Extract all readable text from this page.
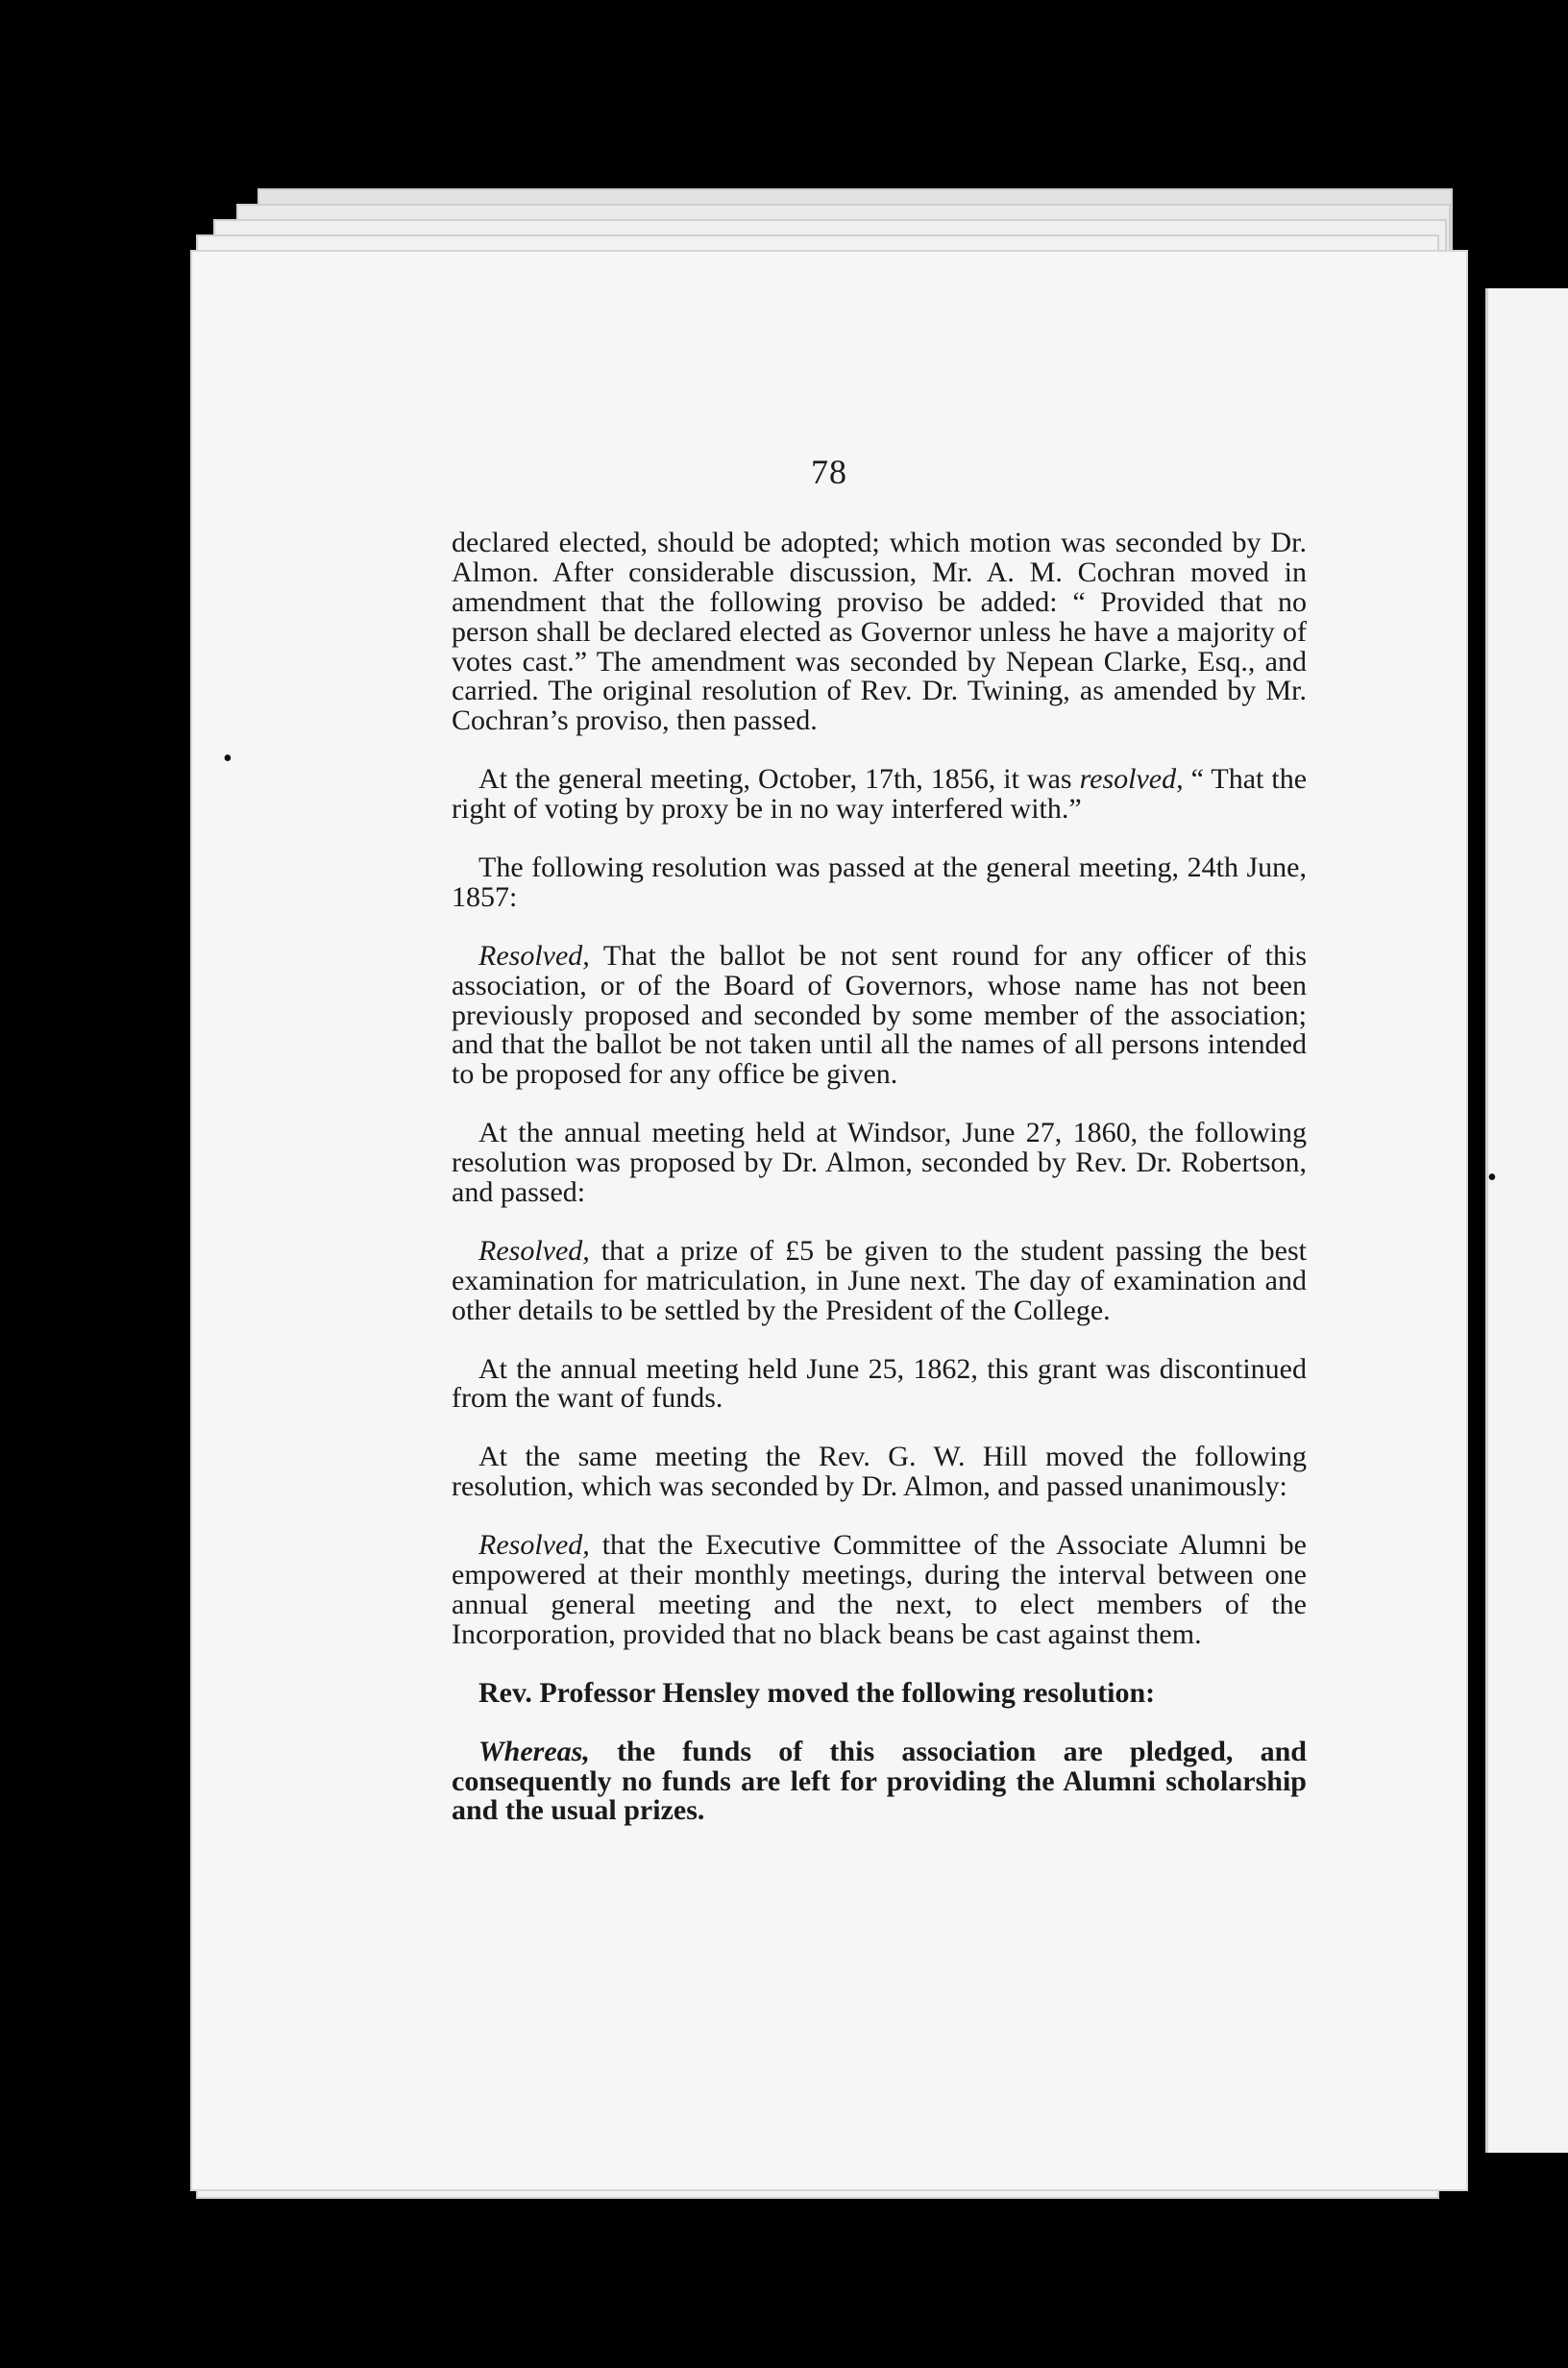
78

declared elected, should be adopted; which motion was seconded by Dr. Almon. After considerable discussion, Mr. A. M. Cochran moved in amendment that the following proviso be added: “ Provided that no person shall be declared elected as Governor unless he have a majority of votes cast.” The amendment was seconded by Nepean Clarke, Esq., and carried. The original resolution of Rev. Dr. Twining, as amended by Mr. Cochran’s proviso, then passed.

At the general meeting, October, 17th, 1856, it was resolved, “ That the right of voting by proxy be in no way interfered with.”

The following resolution was passed at the general meeting, 24th June, 1857:

Resolved, That the ballot be not sent round for any officer of this association, or of the Board of Governors, whose name has not been previously proposed and seconded by some member of the association; and that the ballot be not taken until all the names of all persons intended to be proposed for any office be given.

At the annual meeting held at Windsor, June 27, 1860, the following resolution was proposed by Dr. Almon, seconded by Rev. Dr. Robertson, and passed:

Resolved, that a prize of £5 be given to the student passing the best examination for matriculation, in June next. The day of examination and other details to be settled by the President of the College.

At the annual meeting held June 25, 1862, this grant was discontinued from the want of funds.

At the same meeting the Rev. G. W. Hill moved the following resolution, which was seconded by Dr. Almon, and passed unanimously:

Resolved, that the Executive Committee of the Associate Alumni be empowered at their monthly meetings, during the interval between one annual general meeting and the next, to elect members of the Incorporation, provided that no black beans be cast against them.

Rev. Professor Hensley moved the following resolution:

Whereas, the funds of this association are pledged, and consequently no funds are left for providing the Alumni scholarship and the usual prizes.

•
•
